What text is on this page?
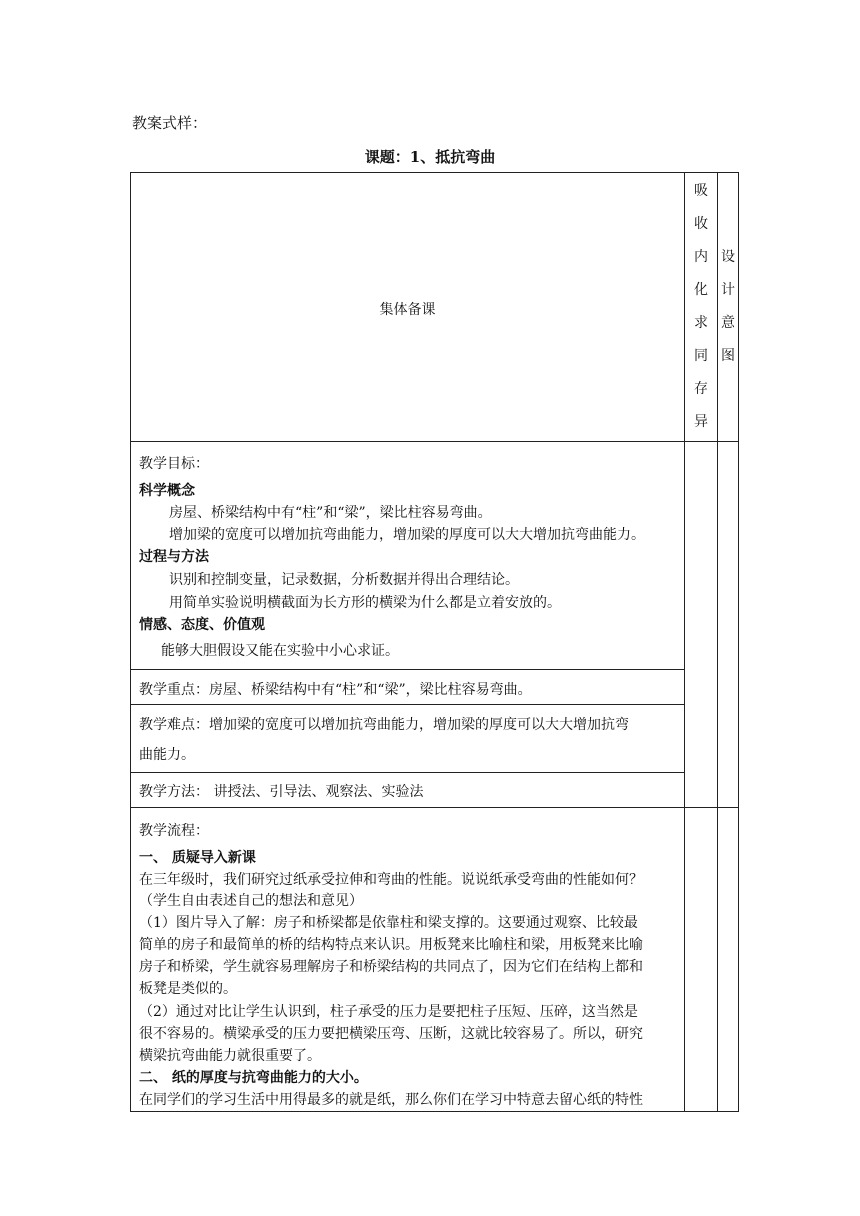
教案式样：
课题：1、抵抗弯曲
集体备课
吸
收
内
化
求
同
存
异
设
计
意
图
教学目标：
科学概念
房屋、桥梁结构中有“柱”和“梁”，梁比柱容易弯曲。
增加梁的宽度可以增加抗弯曲能力，增加梁的厚度可以大大增加抗弯曲能力。
过程与方法
识别和控制变量，记录数据，分析数据并得出合理结论。
用简单实验说明横截面为长方形的横梁为什么都是立着安放的。
情感、态度、价值观
能够大胆假设又能在实验中小心求证。
教学重点：房屋、桥梁结构中有“柱”和“梁”，梁比柱容易弯曲。
教学难点：增加梁的宽度可以增加抗弯曲能力，增加梁的厚度可以大大增加抗弯
曲能力。
教学方法： 讲授法、引导法、观察法、实验法
教学流程：
一、 质疑导入新课
在三年级时，我们研究过纸承受拉伸和弯曲的性能。说说纸承受弯曲的性能如何？
（学生自由表述自己的想法和意见）
（1）图片导入了解：房子和桥梁都是依靠柱和梁支撑的。这要通过观察、比较最
简单的房子和最简单的桥的结构特点来认识。用板凳来比喻柱和梁，用板凳来比喻
房子和桥梁，学生就容易理解房子和桥梁结构的共同点了，因为它们在结构上都和
板凳是类似的。
（2）通过对比让学生认识到，柱子承受的压力是要把柱子压短、压碎，这当然是
很不容易的。横梁承受的压力要把横梁压弯、压断，这就比较容易了。所以，研究
横梁抗弯曲能力就很重要了。
二、 纸的厚度与抗弯曲能力的大小。
在同学们的学习生活中用得最多的就是纸，那么你们在学习中特意去留心纸的特性
